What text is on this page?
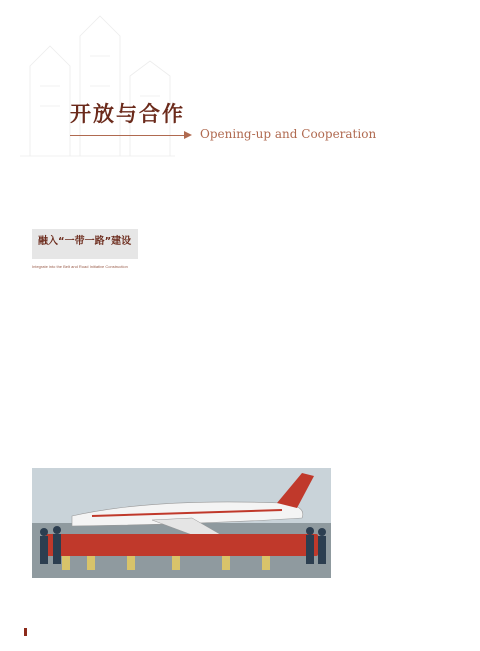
开放与合作
Opening-up and Cooperation
融入“一带一路”建设
Integrate into the Belt and Road Initiative Construction
